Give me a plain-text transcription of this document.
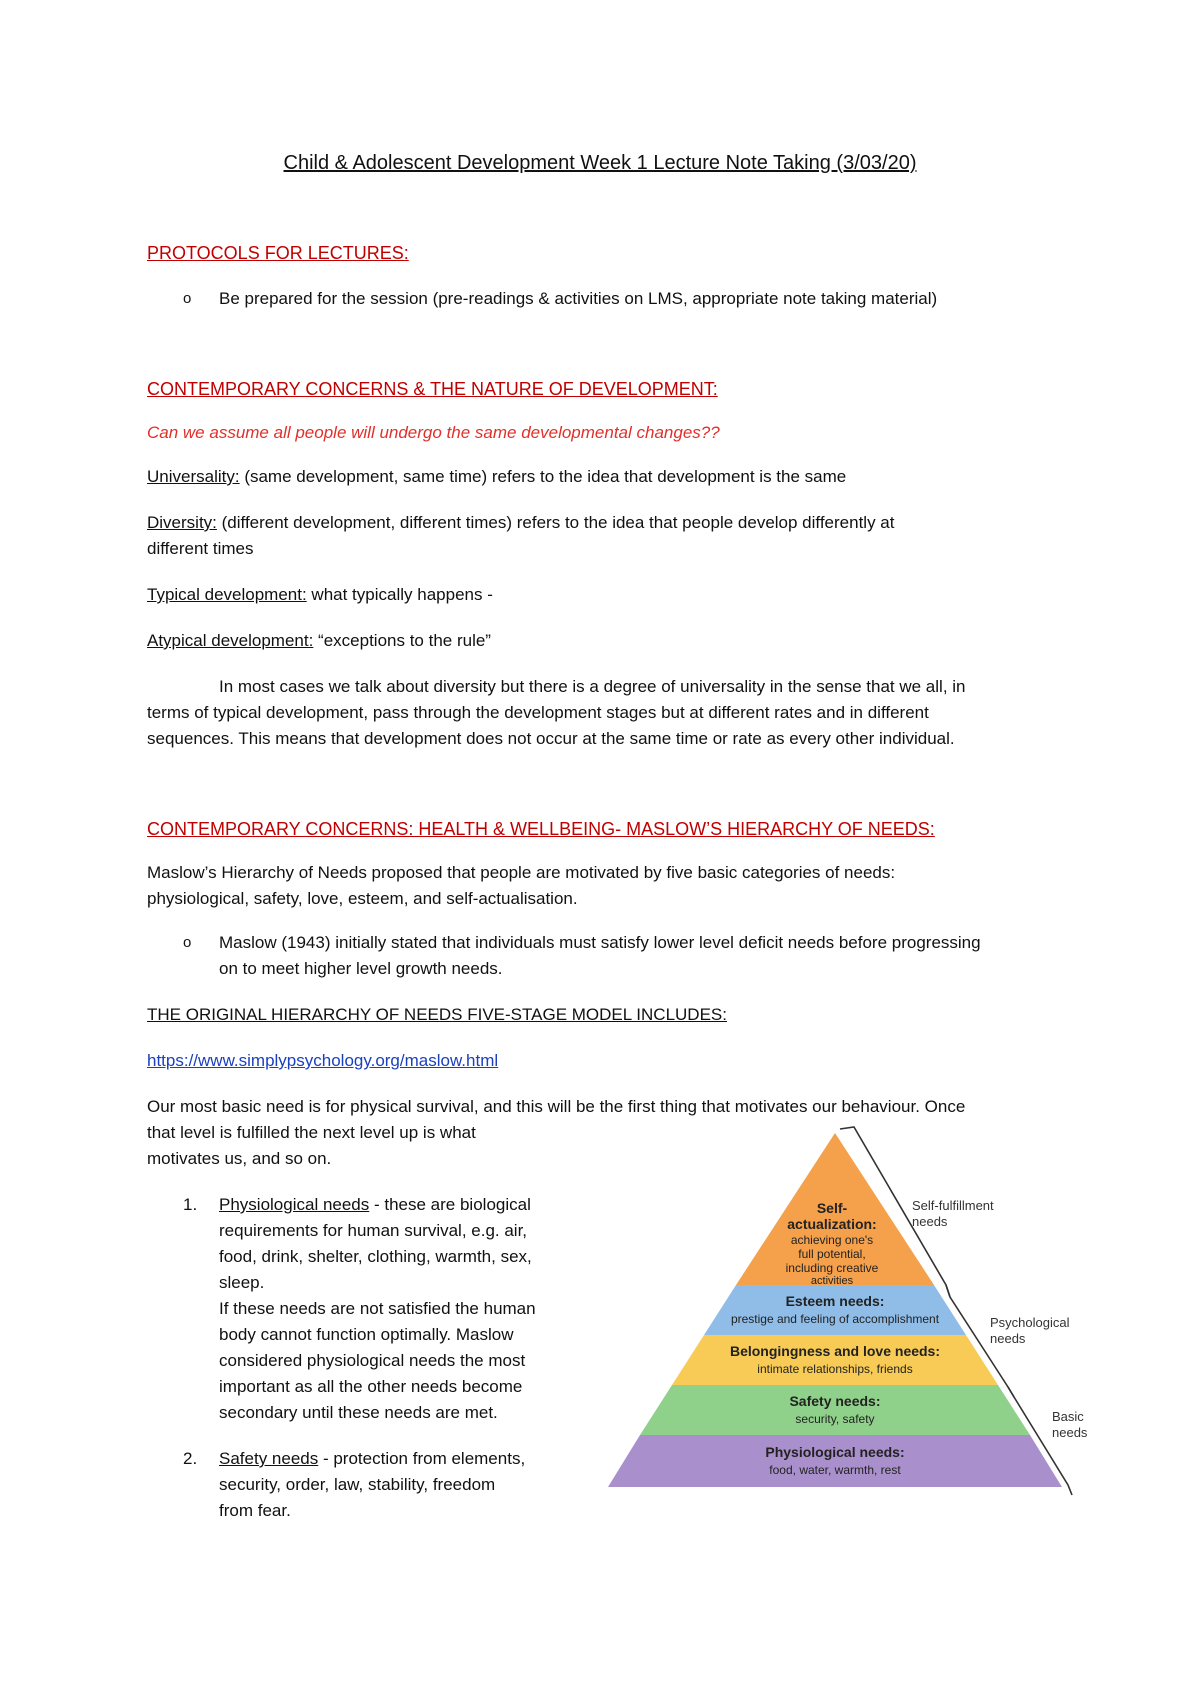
Child & Adolescent Development Week 1 Lecture Note Taking (3/03/20)
PROTOCOLS FOR LECTURES:
o Be prepared for the session (pre-readings & activities on LMS, appropriate note taking material)
CONTEMPORARY CONCERNS & THE NATURE OF DEVELOPMENT:
Can we assume all people will undergo the same developmental changes??
Universality: (same development, same time) refers to the idea that development is the same
Diversity: (different development, different times) refers to the idea that people develop differently at
different times
Typical development: what typically happens -
Atypical development: “exceptions to the rule”
In most cases we talk about diversity but there is a degree of universality in the sense that we all, in
terms of typical development, pass through the development stages but at different rates and in different
sequences. This means that development does not occur at the same time or rate as every other individual.
CONTEMPORARY CONCERNS: HEALTH & WELLBEING- MASLOW’S HIERARCHY OF NEEDS:
Maslow’s Hierarchy of Needs proposed that people are motivated by five basic categories of needs:
physiological, safety, love, esteem, and self-actualisation.
o Maslow (1943) initially stated that individuals must satisfy lower level deficit needs before progressing
on to meet higher level growth needs.
THE ORIGINAL HIERARCHY OF NEEDS FIVE-STAGE MODEL INCLUDES:
https://www.simplypsychology.org/maslow.html
Our most basic need is for physical survival, and this will be the first thing that motivates our behaviour. Once
that level is fulfilled the next level up is what
motivates us, and so on.
1. Physiological needs - these are biological
requirements for human survival, e.g. air,
food, drink, shelter, clothing, warmth, sex,
sleep.
If these needs are not satisfied the human
body cannot function optimally. Maslow
considered physiological needs the most
important as all the other needs become
secondary until these needs are met.
2. Safety needs - protection from elements,
security, order, law, stability, freedom
from fear.
Self-
actualization:
achieving one's
full potential,
including creative
activities
Esteem needs:
prestige and feeling of accomplishment
Belongingness and love needs:
intimate relationships, friends
Safety needs:
security, safety
Physiological needs:
food, water, warmth, rest
Self-fulfillment
needs
Psychological
needs
Basic
needs
